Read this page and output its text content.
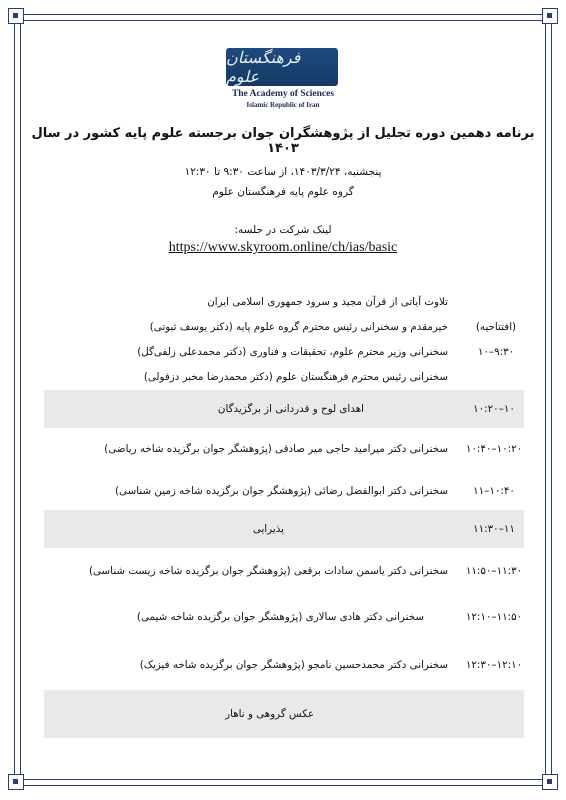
فرهنگستان علوم
The Academy of Sciences
Islamic Republic of Iran
برنامه دهمین دوره تجلیل از پژوهشگران جوان برجسته علوم پایه کشور در سال ۱۴۰۳
پنجشنبه، ۱۴۰۳/۳/۲۴، از ساعت ۹:۳۰ تا ۱۲:۳۰
گروه علوم پایه فرهنگستان علوم
لینک شرکت در جلسه:
https://www.skyroom.online/ch/ias/basic
تلاوت آیاتی از قرآن مجید و سرود جمهوری اسلامی ایران
خیرمقدم و سخنرانی رئیس محترم گروه علوم پایه (دکتر یوسف ثبوتی)
سخنرانی وزیر محترم علوم، تحقیقات و فناوری (دکتر محمدعلی زلفی‌گل)
سخنرانی رئیس محترم فرهنگستان علوم (دکتر محمدرضا مخبر دزفولی)
(افتتاحیه)
۹:۳۰–۱۰
۱۰–۱۰:۲۰
اهدای لوح و قدردانی از برگزیدگان
۱۰:۲۰–۱۰:۴۰
سخنرانی دکتر میرامید حاجی میر صادقی (پژوهشگر جوان برگزیده شاخه ریاضی)
۱۰:۴۰–۱۱
سخنرانی دکتر ابوالفضل رضائی (پژوهشگر جوان برگزیده شاخه زمین شناسی)
۱۱–۱۱:۳۰
پذیرایی
۱۱:۳۰–۱۱:۵۰
سخنرانی دکتر یاسمن سادات برقعی (پژوهشگر جوان برگزیده شاخه زیست شناسی)
۱۱:۵۰–۱۲:۱۰
سخنرانی دکتر هادی سالاری (پژوهشگر جوان برگزیده شاخه شیمی)
۱۲:۱۰–۱۲:۳۰
سخنرانی دکتر محمدحسین نامجو (پژوهشگر جوان برگزیده شاخه فیزیک)
عکس گروهی و ناهار
